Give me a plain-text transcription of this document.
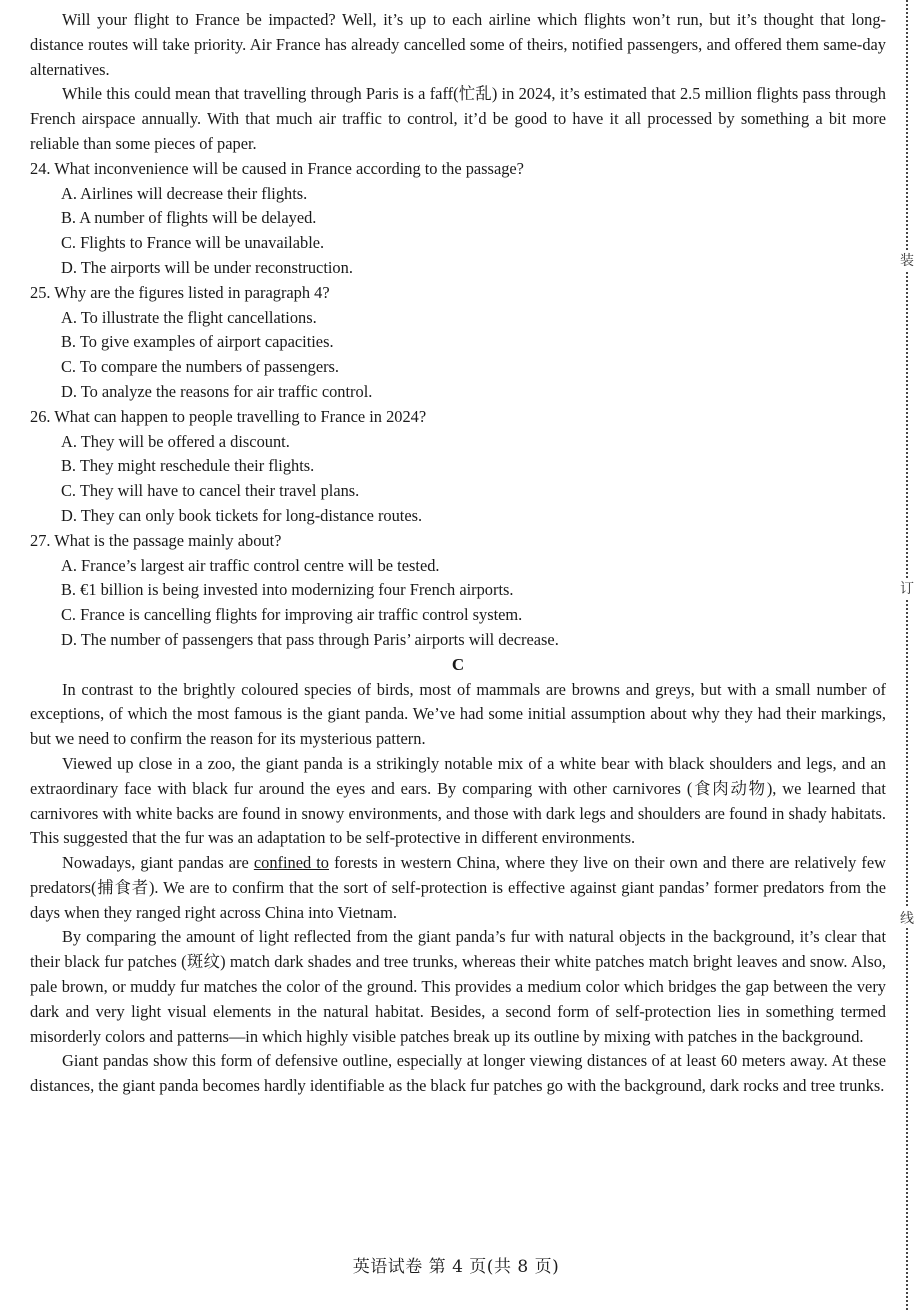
装
订
线

Will your flight to France be impacted? Well, it’s up to each airline which flights won’t run, but it’s thought that long-distance routes will take priority. Air France has already cancelled some of theirs, notified passengers, and offered them same-day alternatives.

While this could mean that travelling through Paris is a faff(忙乱) in 2024, it’s estimated that 2.5 million flights pass through French airspace annually. With that much air traffic to control, it’d be good to have it all processed by something a bit more reliable than some pieces of paper.

24. What inconvenience will be caused in France according to the passage?

A. Airlines will decrease their flights.

B. A number of flights will be delayed.

C. Flights to France will be unavailable.

D. The airports will be under reconstruction.

25. Why are the figures listed in paragraph 4?

A. To illustrate the flight cancellations.

B. To give examples of airport capacities.

C. To compare the numbers of passengers.

D. To analyze the reasons for air traffic control.

26. What can happen to people travelling to France in 2024?

A. They will be offered a discount.

B. They might reschedule their flights.

C. They will have to cancel their travel plans.

D. They can only book tickets for long-distance routes.

27. What is the passage mainly about?

A. France’s largest air traffic control centre will be tested.

B. €1 billion is being invested into modernizing four French airports.

C. France is cancelling flights for improving air traffic control system.

D. The number of passengers that pass through Paris’ airports will decrease.

C

In contrast to the brightly coloured species of birds, most of mammals are browns and greys, but with a small number of exceptions, of which the most famous is the giant panda. We’ve had some initial assumption about why they had their markings, but we need to confirm the reason for its mysterious pattern.

Viewed up close in a zoo, the giant panda is a strikingly notable mix of a white bear with black shoulders and legs, and an extraordinary face with black fur around the eyes and ears. By comparing with other carnivores (食肉动物), we learned that carnivores with white backs are found in snowy environments, and those with dark legs and shoulders are found in shady habitats. This suggested that the fur was an adaptation to be self-protective in different environments.

Nowadays, giant pandas are confined to forests in western China, where they live on their own and there are relatively few predators(捕食者). We are to confirm that the sort of self-protection is effective against giant pandas’ former predators from the days when they ranged right across China into Vietnam.

By comparing the amount of light reflected from the giant panda’s fur with natural objects in the background, it’s clear that their black fur patches (斑纹) match dark shades and tree trunks, whereas their white patches match bright leaves and snow. Also, pale brown, or muddy fur matches the color of the ground. This provides a medium color which bridges the gap between the very dark and very light visual elements in the natural habitat. Besides, a second form of self-protection lies in something termed misorderly colors and patterns—in which highly visible patches break up its outline by mixing with patches in the background.

Giant pandas show this form of defensive outline, especially at longer viewing distances of at least 60 meters away. At these distances, the giant panda becomes hardly identifiable as the black fur patches go with the background, dark rocks and tree trunks.

英语试卷 第 4 页(共 8 页)
